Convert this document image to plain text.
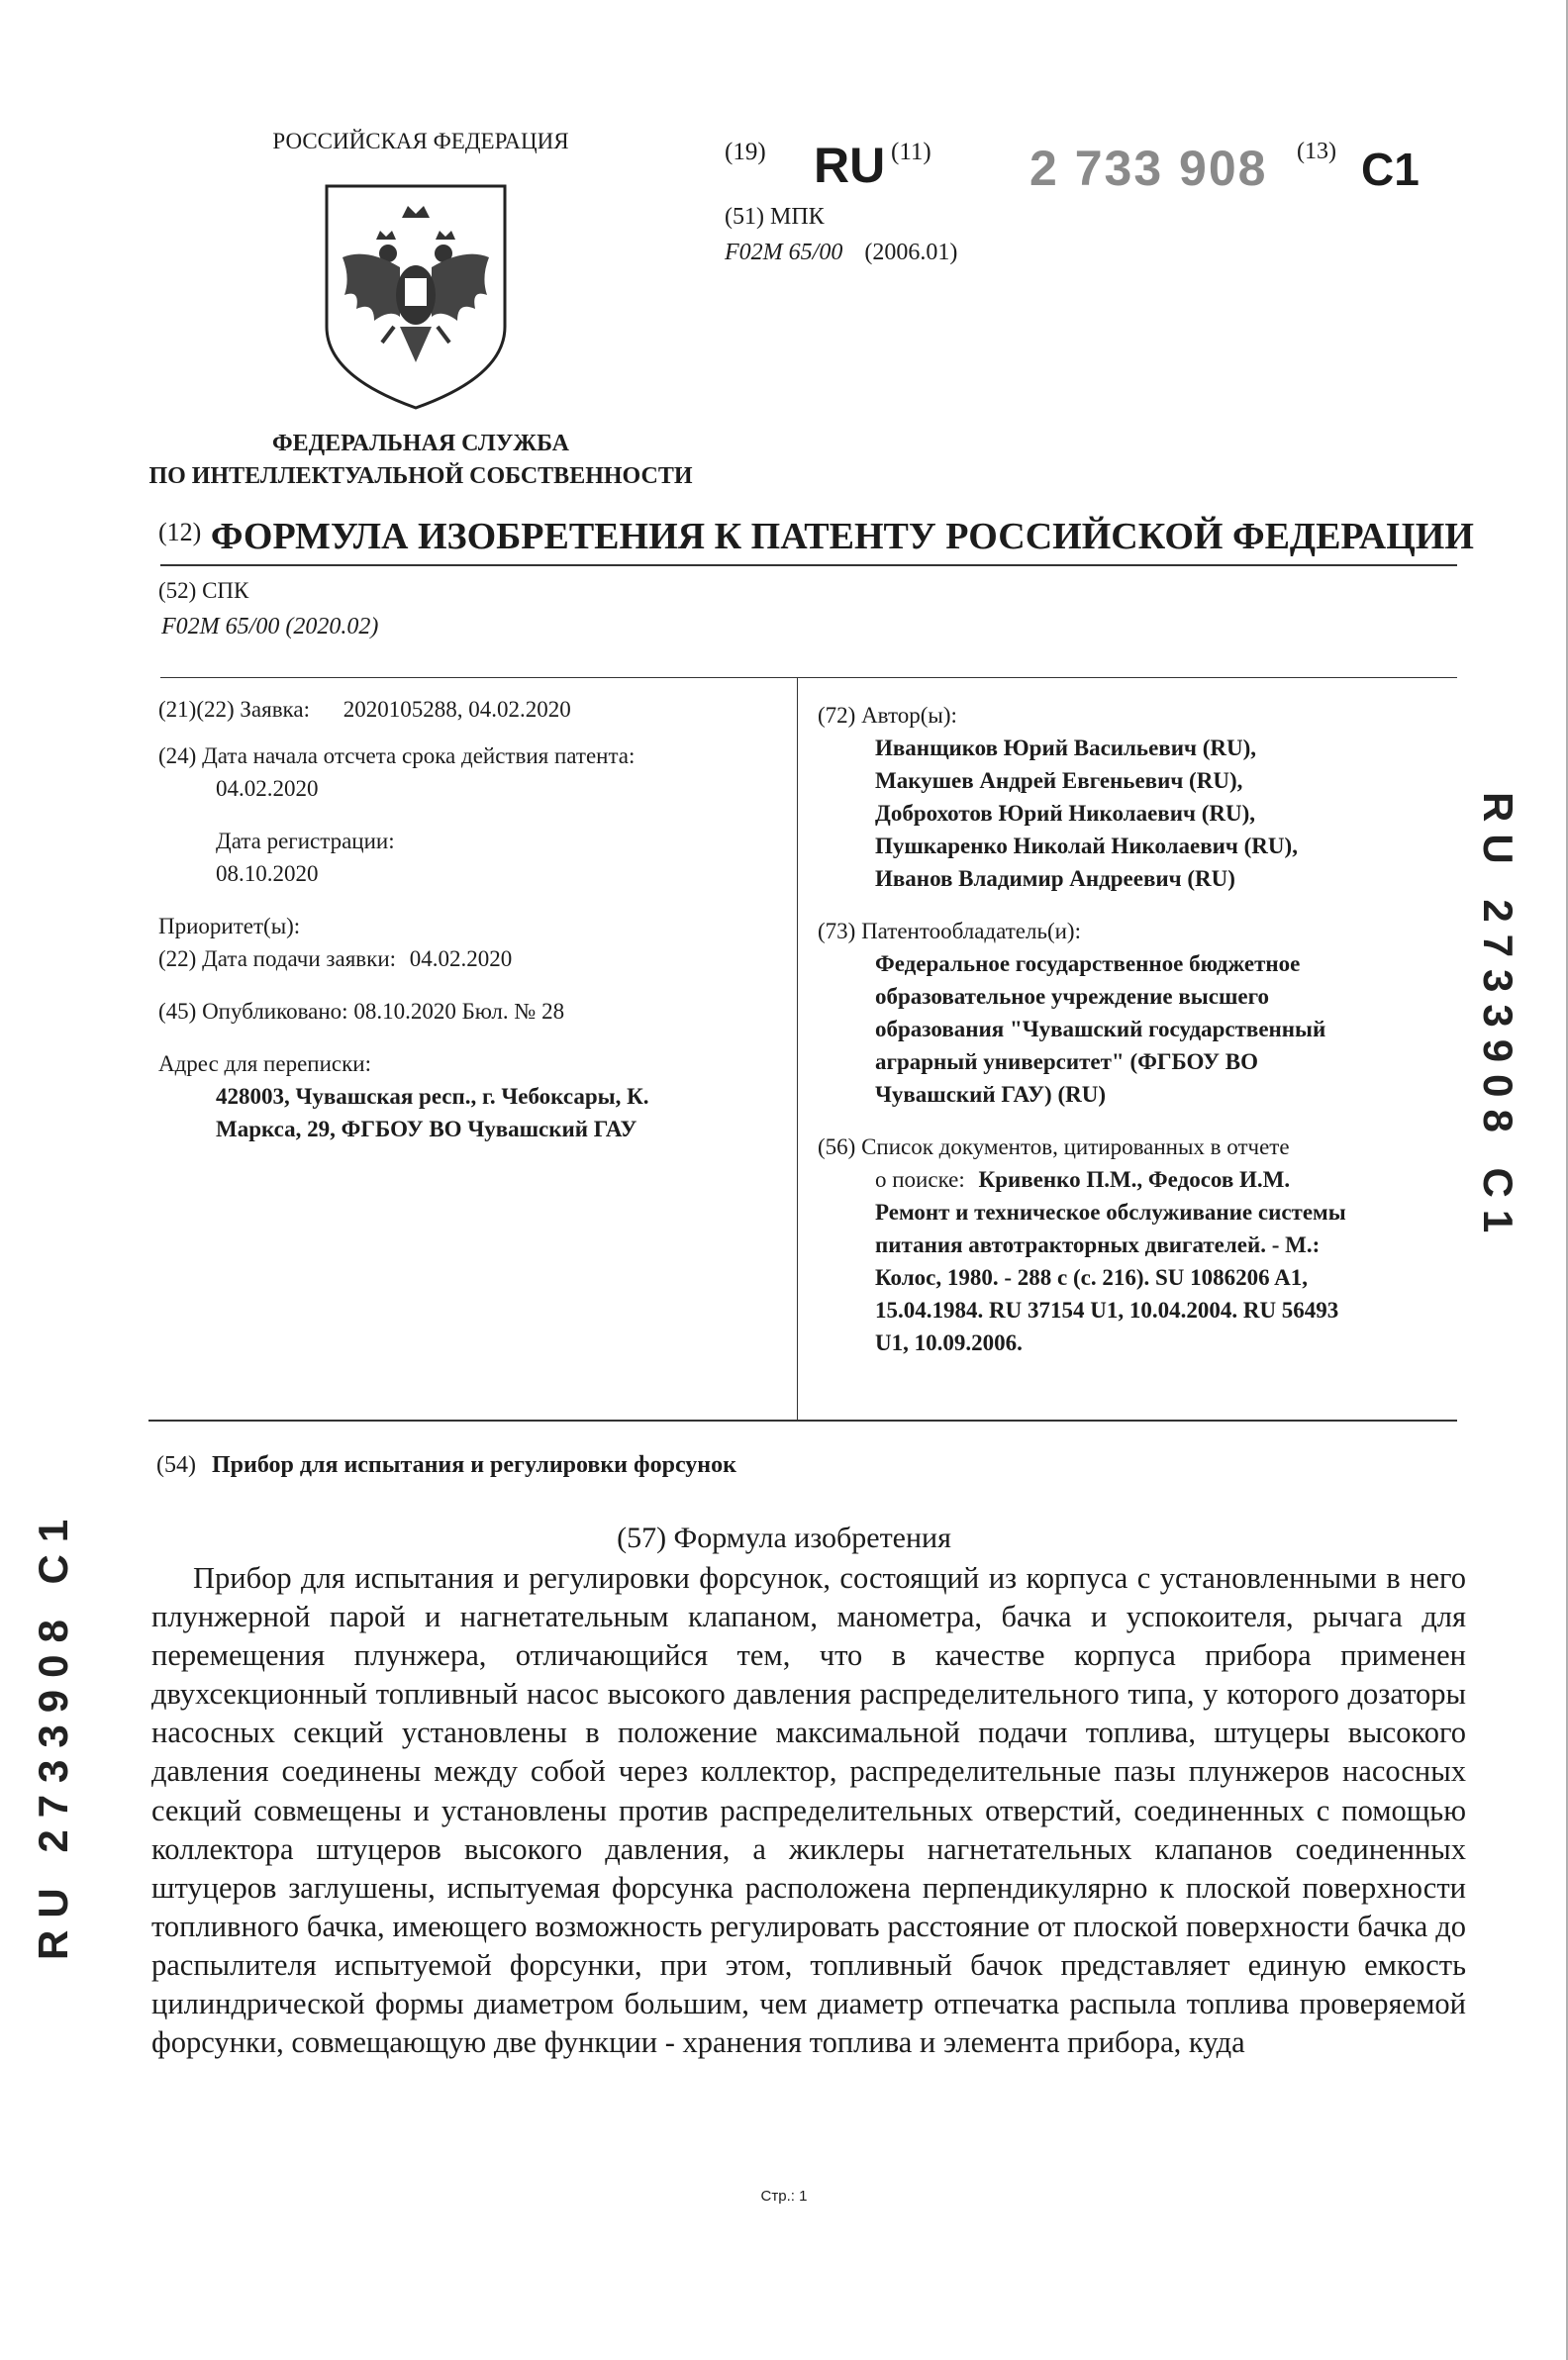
РОССИЙСКАЯ ФЕДЕРАЦИЯ
ФЕДЕРАЛЬНАЯ СЛУЖБА
ПО ИНТЕЛЛЕКТУАЛЬНОЙ СОБСТВЕННОСТИ
(19) RU (11) 2 733 908 (13) C1
(51) МПК
F02M 65/00 (2006.01)
$^{(12)}$ ФОРМУЛА ИЗОБРЕТЕНИЯ К ПАТЕНТУ РОССИЙСКОЙ ФЕДЕРАЦИИ
(52) СПК
F02M 65/00 (2020.02)
(21)(22) Заявка: 2020105288, 04.02.2020
(24) Дата начала отсчета срока действия патента:
04.02.2020
Дата регистрации:
08.10.2020
Приоритет(ы):
(22) Дата подачи заявки: 04.02.2020
(45) Опубликовано: 08.10.2020 Бюл. № 28
Адрес для переписки:
428003, Чувашская респ., г. Чебоксары, К.
Маркса, 29, ФГБОУ ВО Чувашский ГАУ
(72) Автор(ы):
Иванщиков Юрий Васильевич (RU),
Макушев Андрей Евгеньевич (RU),
Доброхотов Юрий Николаевич (RU),
Пушкаренко Николай Николаевич (RU),
Иванов Владимир Андреевич (RU)
(73) Патентообладатель(и):
Федеральное государственное бюджетное
образовательное учреждение высшего
образования "Чувашский государственный
аграрный университет" (ФГБОУ ВО
Чувашский ГАУ) (RU)
(56) Список документов, цитированных в отчете
о поиске: Кривенко П.М., Федосов И.М.
Ремонт и техническое обслуживание системы
питания автотракторных двигателей. - М.:
Колос, 1980. - 288 с (с. 216). SU 1086206 A1,
15.04.1984. RU 37154 U1, 10.04.2004. RU 56493
U1, 10.09.2006.
RU 2733908 C1
RU 2733908 C1
(54) Прибор для испытания и регулировки форсунок
(57) Формула изобретения
Прибор для испытания и регулировки форсунок, состоящий из корпуса с установленными в него плунжерной парой и нагнетательным клапаном, манометра, бачка и успокоителя, рычага для перемещения плунжера, отличающийся тем, что в качестве корпуса прибора применен двухсекционный топливный насос высокого давления распределительного типа, у которого дозаторы насосных секций установлены в положение максимальной подачи топлива, штуцеры высокого давления соединены между собой через коллектор, распределительные пазы плунжеров насосных секций совмещены и установлены против распределительных отверстий, соединенных с помощью коллектора штуцеров высокого давления, а жиклеры нагнетательных клапанов соединенных штуцеров заглушены, испытуемая форсунка расположена перпендикулярно к плоской поверхности топливного бачка, имеющего возможность регулировать расстояние от плоской поверхности бачка до распылителя испытуемой форсунки, при этом, топливный бачок представляет единую емкость цилиндрической формы диаметром большим, чем диаметр отпечатка распыла топлива проверяемой форсунки, совмещающую две функции - хранения топлива и элемента прибора, куда
Стр.: 1
